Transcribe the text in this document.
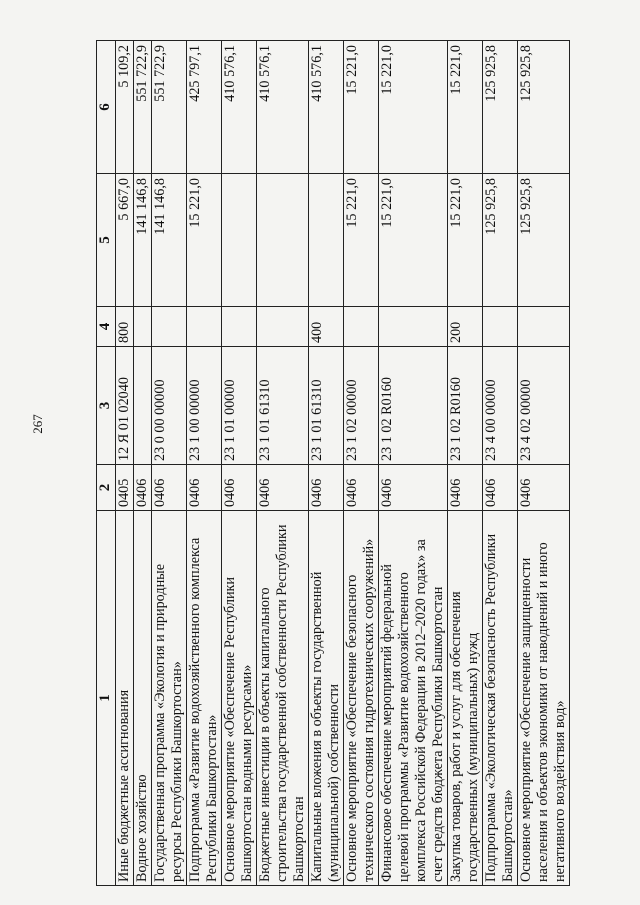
267
1	2	3	4	5	6
Иные бюджетные ассигнования	0405	12 Я 01 02040	800	5 667,0	5 109,2
Водное хозяйство	0406			141 146,8	551 722,9
Государственная программа «Экология и природные ресурсы Республики Башкортостан»	0406	23 0 00 00000		141 146,8	551 722,9
Подпрограмма «Развитие водохозяйственного комплекса Республики Башкортостан»	0406	23 1 00 00000		15 221,0	425 797,1
Основное мероприятие «Обеспечение Республики Башкортостан водными ресурсами»	0406	23 1 01 00000			410 576,1
Бюджетные инвестиции в объекты капитального строительства государственной собственности Республики Башкортостан	0406	23 1 01 61310			410 576,1
Капитальные вложения в объекты государственной (муниципальной) собственности	0406	23 1 01 61310	400		410 576,1
Основное мероприятие «Обеспечение безопасного технического состояния гидротехнических сооружений»	0406	23 1 02 00000		15 221,0	15 221,0
Финансовое обеспечение мероприятий федеральной целевой программы «Развитие водохозяйственного комплекса Российской Федерации в 2012–2020 годах» за счет средств бюджета Республики Башкортостан	0406	23 1 02 R0160		15 221,0	15 221,0
Закупка товаров, работ и услуг для обеспечения государственных (муниципальных) нужд	0406	23 1 02 R0160	200	15 221,0	15 221,0
Подпрограмма «Экологическая безопасность Республики Башкортостан»	0406	23 4 00 00000		125 925,8	125 925,8
Основное мероприятие «Обеспечение защищенности населения и объектов экономики от наводнений и иного негативного воздействия вод»	0406	23 4 02 00000		125 925,8	125 925,8
